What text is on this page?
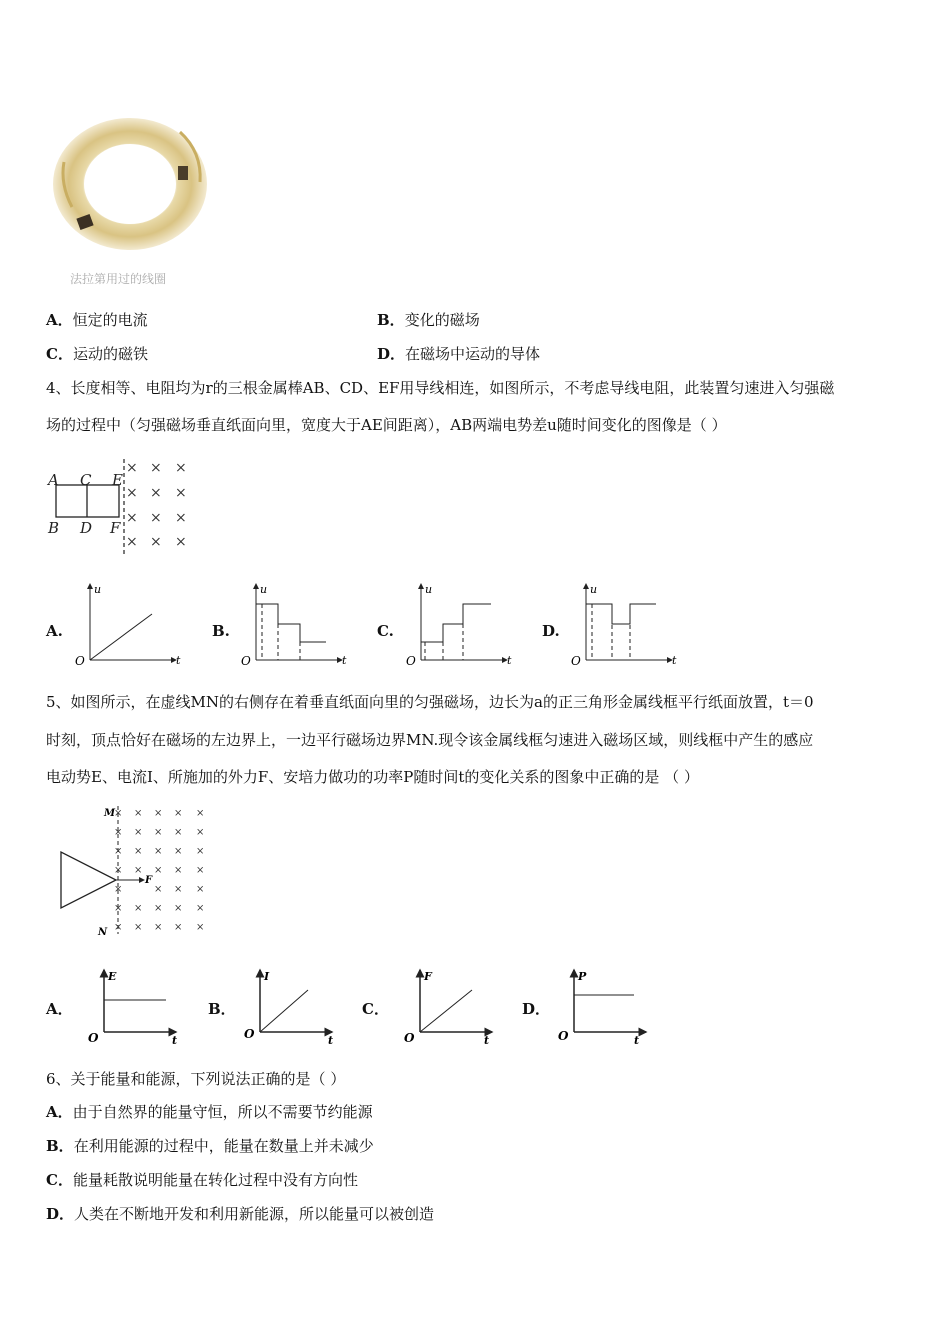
法拉第用过的线圈
A．恒定的电流	B．变化的磁场
C．运动的磁铁	D．在磁场中运动的导体
4、长度相等、电阻均为r的三根金属棒AB、CD、EF用导线相连，如图所示，不考虑导线电阻，此装置匀速进入匀强磁
场的过程中（匀强磁场垂直纸面向里，宽度大于AE间距离），AB两端电势差u随时间变化的图像是（ ）
A C E
B D F
× × ×
× × ×
× × ×
× × ×
A.
u
t
O
B.
u
t
O
C.
u
t
O
D.
u
t
O
5、如图所示，在虚线MN的右侧存在着垂直纸面向里的匀强磁场，边长为a的正三角形金属线框平行纸面放置，t＝0
时刻，顶点恰好在磁场的左边界上，一边平行磁场边界MN.现令该金属线框匀速进入磁场区域，则线框中产生的感应
电动势E、电流I、所施加的外力F、安培力做功的功率P随时间t的变化关系的图象中正确的是 （ ）
M
N
F
× × × × ×
× × × × ×
× × × × ×
× × × × ×
×	× × ×
× × × × ×
× × × × ×
A．
E
t
O
B．
I
t
O
C．
F
t
O
D．
P
t
O
6、关于能量和能源，下列说法正确的是（ ）
A．由于自然界的能量守恒，所以不需要节约能源
B．在利用能源的过程中，能量在数量上并未减少
C．能量耗散说明能量在转化过程中没有方向性
D．人类在不断地开发和利用新能源，所以能量可以被创造
